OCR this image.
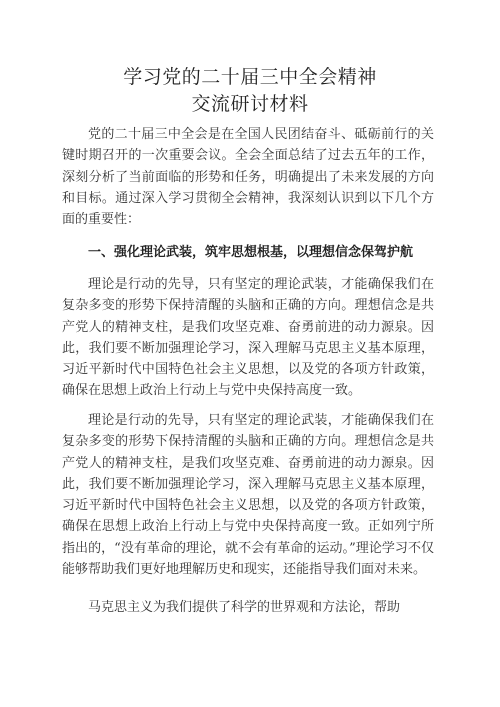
学习党的二十届三中全会精神
交流研讨材料

党的二十届三中全会是在全国人民团结奋斗、砥砺前行的关键时期召开的一次重要会议。全会全面总结了过去五年的工作，深刻分析了当前面临的形势和任务，明确提出了未来发展的方向和目标。通过深入学习贯彻全会精神，我深刻认识到以下几个方面的重要性：

一、强化理论武装，筑牢思想根基，以理想信念保驾护航

理论是行动的先导，只有坚定的理论武装，才能确保我们在复杂多变的形势下保持清醒的头脑和正确的方向。理想信念是共产党人的精神支柱，是我们攻坚克难、奋勇前进的动力源泉。因此，我们要不断加强理论学习，深入理解马克思主义基本原理，习近平新时代中国特色社会主义思想，以及党的各项方针政策，确保在思想上政治上行动上与党中央保持高度一致。

理论是行动的先导，只有坚定的理论武装，才能确保我们在复杂多变的形势下保持清醒的头脑和正确的方向。理想信念是共产党人的精神支柱，是我们攻坚克难、奋勇前进的动力源泉。因此，我们要不断加强理论学习，深入理解马克思主义基本原理，习近平新时代中国特色社会主义思想，以及党的各项方针政策，确保在思想上政治上行动上与党中央保持高度一致。正如列宁所指出的，“没有革命的理论，就不会有革命的运动。”理论学习不仅能够帮助我们更好地理解历史和现实，还能指导我们面对未来。

马克思主义为我们提供了科学的世界观和方法论，帮助
